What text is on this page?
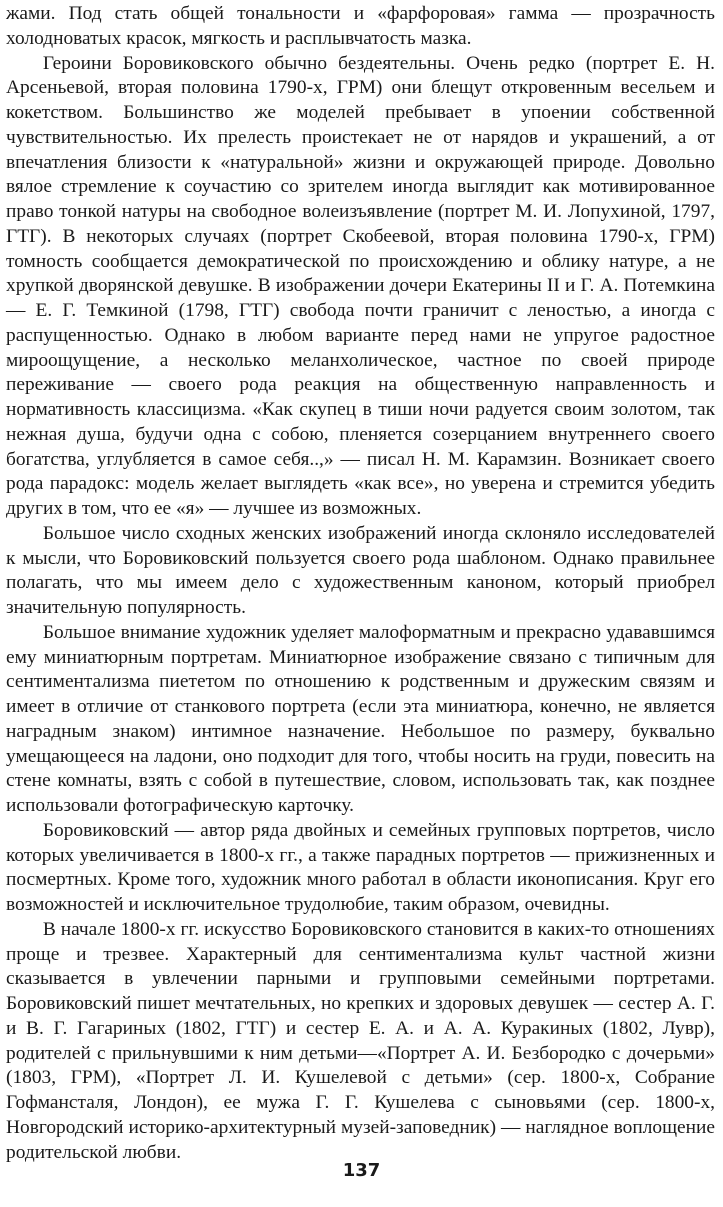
жами. Под стать общей тональности и «фарфоровая» гамма — прозрачность холодноватых красок, мягкость и расплывчатость мазка.

Героини Боровиковского обычно бездеятельны. Очень редко (портрет Е. Н. Арсеньевой, вторая половина 1790-х, ГРМ) они блещут откровенным весельем и кокетством. Большинство же моделей пребывает в упоении собственной чувствительностью. Их прелесть проистекает не от нарядов и украшений, а от впечатления близости к «натуральной» жизни и окружающей природе. Довольно вялое стремление к соучастию со зрителем иногда выглядит как мотивированное право тонкой натуры на свободное волеизъявление (портрет М. И. Лопухиной, 1797, ГТГ). В некоторых случаях (портрет Скобеевой, вторая половина 1790-х, ГРМ) томность сообщается демократической по происхождению и облику натуре, а не хрупкой дворянской девушке. В изображении дочери Екатерины II и Г. А. Потемкина — Е. Г. Темкиной (1798, ГТГ) свобода почти граничит с леностью, а иногда с распущенностью. Однако в любом варианте перед нами не упругое радостное мироощущение, а несколько меланхолическое, частное по своей природе переживание — своего рода реакция на общественную направленность и нормативность классицизма. «Как скупец в тиши ночи радуется своим золотом, так нежная душа, будучи одна с собою, пленяется созерцанием внутреннего своего богатства, углубляется в самое себя..,» — писал Н. М. Карамзин. Возникает своего рода парадокс: модель желает выглядеть «как все», но уверена и стремится убедить других в том, что ее «я» — лучшее из возможных.

Большое число сходных женских изображений иногда склоняло исследователей к мысли, что Боровиковский пользуется своего рода шаблоном. Однако правильнее полагать, что мы имеем дело с художественным каноном, который приобрел значительную популярность.

Большое внимание художник уделяет малоформатным и прекрасно удававшимся ему миниатюрным портретам. Миниатюрное изображение связано с типичным для сентиментализма пиететом по отношению к родственным и дружеским связям и имеет в отличие от станкового портрета (если эта миниатюра, конечно, не является наградным знаком) интимное назначение. Небольшое по размеру, буквально умещающееся на ладони, оно подходит для того, чтобы носить на груди, повесить на стене комнаты, взять с собой в путешествие, словом, использовать так, как позднее использовали фотографическую карточку.

Боровиковский — автор ряда двойных и семейных групповых портретов, число которых увеличивается в 1800-х гг., а также парадных портретов — прижизненных и посмертных. Кроме того, художник много работал в области иконописания. Круг его возможностей и исключительное трудолюбие, таким образом, очевидны.

В начале 1800-х гг. искусство Боровиковского становится в каких-то отношениях проще и трезвее. Характерный для сентиментализма культ частной жизни сказывается в увлечении парными и групповыми семейными портретами. Боровиковский пишет мечтательных, но крепких и здоровых девушек — сестер А. Г. и В. Г. Гагариных (1802, ГТГ) и сестер Е. А. и А. А. Куракиных (1802, Лувр), родителей с прильнувшими к ним детьми—«Портрет А. И. Безбородко с дочерьми» (1803, ГРМ), «Портрет Л. И. Кушелевой с детьми» (сер. 1800-х, Собрание Гофмансталя, Лондон), ее мужа Г. Г. Кушелева с сыновьями (сер. 1800-х, Новгородский историко-архитектурный музей-заповедник) — наглядное воплощение родительской любви.

137
